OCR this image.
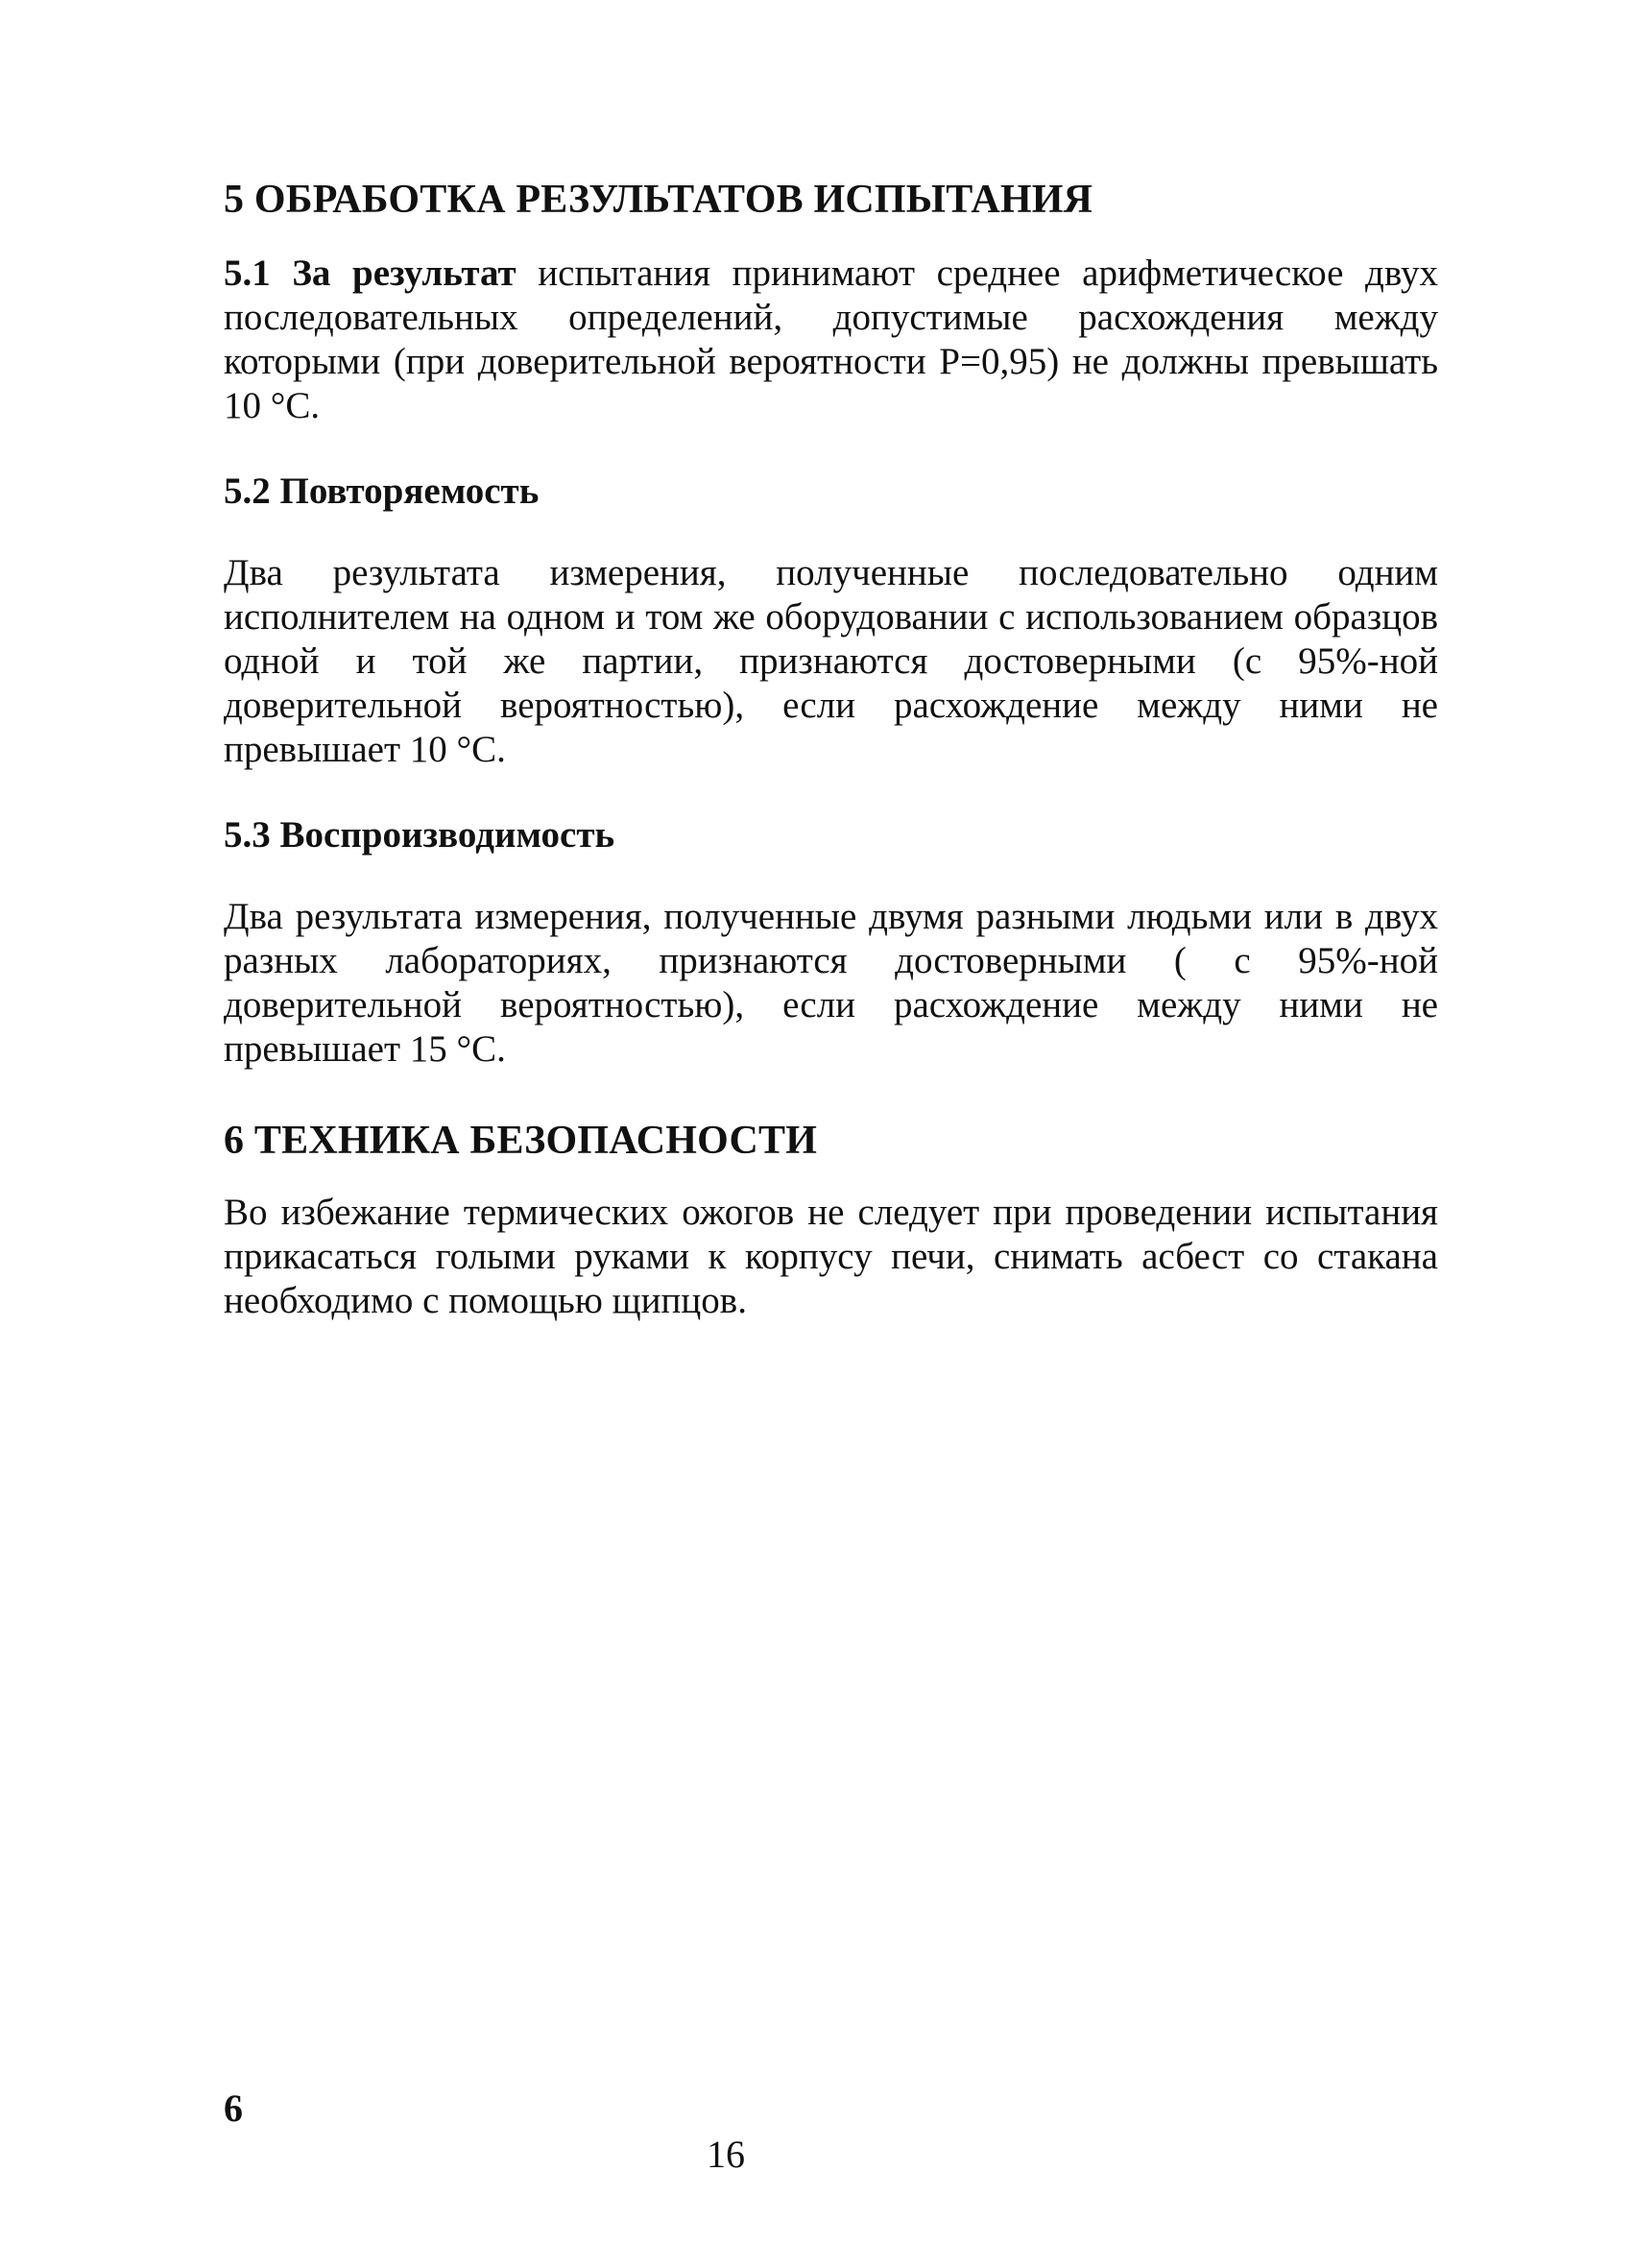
5 ОБРАБОТКА РЕЗУЛЬТАТОВ ИСПЫТАНИЯ

5.1 За результат испытания принимают среднее арифметическое двух последовательных определений, допустимые расхождения между которыми (при доверительной вероятности Р=0,95) не должны превышать 10 °С.

5.2 Повторяемость

Два результата измерения, полученные последовательно одним исполнителем на одном и том же оборудовании с использованием образцов одной и той же партии, признаются достоверными (с 95%-ной доверительной вероятностью), если расхождение между ними не превышает 10 °С.

5.3 Воспроизводимость

Два результата измерения, полученные двумя разными людьми или в двух разных лабораториях, признаются достоверными ( с 95%-ной доверительной вероятностью), если расхождение между ними не превышает 15 °С.

6 ТЕХНИКА БЕЗОПАСНОСТИ

Во избежание термических ожогов не следует при проведении испытания прикасаться голыми руками к корпусу печи, снимать асбест со стакана необходимо с помощью щипцов.

6
16
